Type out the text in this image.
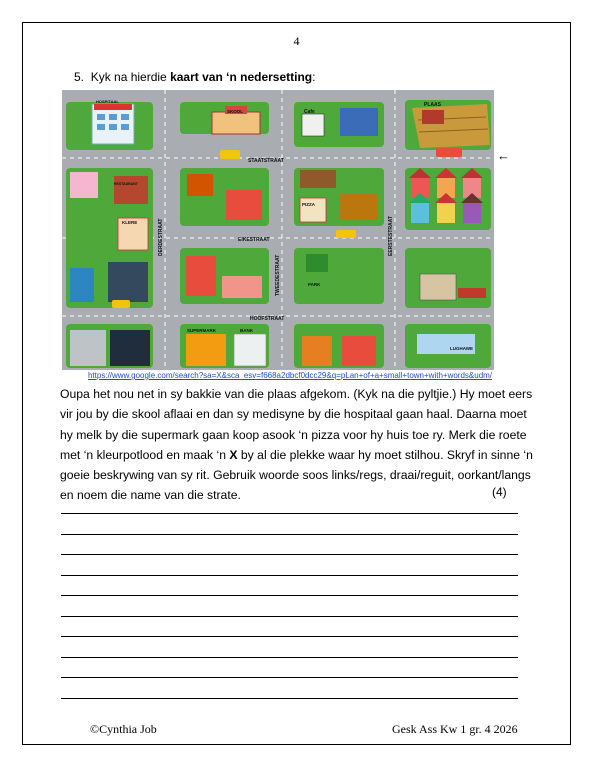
4
5. Kyk na hierdie kaart van ‘n nedersetting:
HOSPITAAL
SKOOL	Cafe
PLAAS
RESTAURANT
KLERE
PIZZA
PARK
SUPERMARK	BANK
LUGHAWE
STAATSTRAAT
EIKESTRAAT
HOOFSTRAAT
DERDESTRAAT
TWEEDESTRAAT
EERSTESTRAAT
←
https://www.google.com/search?sa=X&sca_esv=f668a2dbcf0dcc29&q=pLan+of+a+small+town+with+words&udm/
Oupa het nou net in sy bakkie van die plaas afgekom. (Kyk na die pyltjie.) Hy moet eers
vir jou by die skool aflaai en dan sy medisyne by die hospitaal gaan haal. Daarna moet
hy melk by die supermark gaan koop asook ‘n pizza voor hy huis toe ry. Merk die roete
met ‘n kleurpotlood en maak ‘n X by al die plekke waar hy moet stilhou. Skryf in sinne ‘n
goeie beskrywing van sy rit. Gebruik woorde soos links/regs, draai/reguit, oorkant/langs
en noem die name van die strate.	(4)
©Cynthia Job	Gesk Ass Kw 1 gr. 4 2026
